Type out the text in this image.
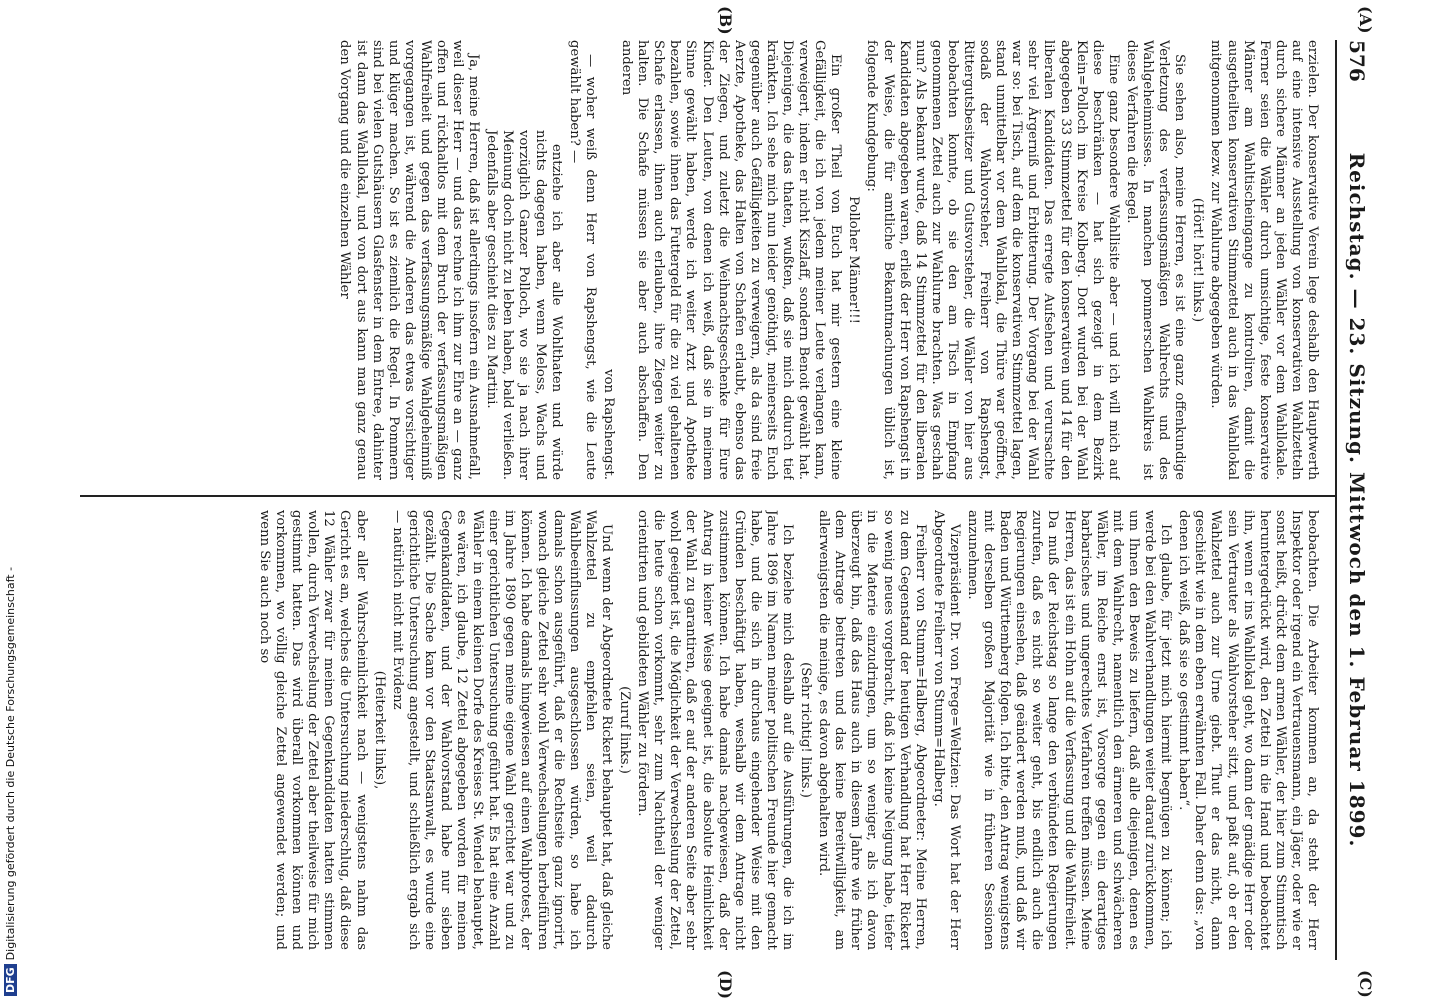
576
Reichstag. — 23. Sitzung. Mittwoch den 1. Februar 1899.
(A)
(B)
(C)
(D)

erzielen. Der konservative Verein lege deshalb den Hauptwerth auf eine intensive Ausstellung von konservativen Wahlzetteln durch sichere Männer an jeden Wähler vor dem Wahllokale. Ferner seien die Wähler durch umsichtige, feste konservative Männer am Wahltischeingange zu kontroliren, damit die ausgetheilten konservativen Stimmzettel auch in das Wahllokal mitgenommen bezw. zur Wahlurne abgegeben würden.

(Hört! hört! links.)

Sie sehen also, meine Herren, es ist eine ganz offenkundige Verletzung des verfassungsmäßigen Wahlrechts und des Wahlgeheimnisses. In manchen pommerschen Wahlkreis ist dieses Verfahren die Regel.

Eine ganz besondere Wahllisite aber — und ich will mich auf diese beschränken — hat sich gezeigt in dem Bezirk Klein=Polloch im Kreise Kolberg. Dort wurden bei der Wahl abgegeben 33 Stimmzettel für den konservativen und 14 für den liberalen Kandidaten. Das erregte Aufsehen und verursachte sehr viel Ärgerniß und Erbitterung. Der Vorgang bei der Wahl war so: bei Tisch, auf dem die konservativen Stimmzettel lagen, stand unmittelbar vor dem Wahllokal, die Thüre war geöffnet, sodaß der Wahlvorsteher, Freiherr von Rapshengst, Rittergutsbesitzer und Gutsvorsteher, die Wähler von hier aus beobachten konnte, ob sie den am Tisch in Empfang genommenen Zettel auch zur Wahlurne brachten. Was geschah nun? Als bekannt wurde, daß 14 Stimmzettel für den liberalen Kandidaten abgegeben waren, erließ der Herr von Rapshengst in der Weise, die für amtliche Bekanntmachungen üblich ist, folgende Kundgebung:

Polloher Männer!!!

Ein großer Theil von Euch hat mir gestern eine kleine Gefälligkeit, die ich von jedem meiner Leute verlangen kann, verweigert, indem er nicht Kiszlaff, sondern Benoit gewählt hat. Diejenigen, die das thaten, wußten, daß sie mich dadurch tief kränkten. Ich sehe mich nun leider genöthigt, meinerseits Euch gegenüber auch Gefälligkeiten zu verweigern, als da sind freie Aerzte, Apotheke, das Halten von Schafen erlaubt, ebenso das der Ziegen, und zuletzt die Weihnachtsgeschenke für Eure Kinder. Den Leuten, von denen ich weiß, daß sie in meinem Sinne gewählt haben, werde ich weiter Arzt und Apotheke bezahlen, sowie ihnen das Futtergeld für die zu viel gehaltenen Schafe erlassen, ihnen auch erlauben, ihre Ziegen weiter zu halten. Die Schafe müssen sie aber auch abschaffen. Den anderen

von Rapshengst.

— woher weiß denn Herr von Rapshengst, wie die Leute gewählt haben? —

entziehe ich aber alle Wohlthaten und würde nichts dagegen haben, wenn Meloss, Wachs und vorzüglich Ganzer Polloch, wo sie ja nach ihrer Meinung doch nicht zu leben haben, bald verließen. Jedenfalls aber geschieht dies zu Martini.

Ja, meine Herren, daß ist allerdings insofern ein Ausnahmefall, weil dieser Herr — und das rechne ich ihm zur Ehre an — ganz offen und rückhaltlos mit dem Bruch der verfassungsmäßigen Wahlfreiheit und gegen das verfassungsmäßige Wahlgeheimniß vorgegangen ist, während die Anderen das etwas vorsichtiger und klüger machen. So ist es ziemlich die Regel. In Pommern sind bei vielen Gutshäusern Glasfenster in dem Entree, dahinter ist dann das Wahllokal, und von dort aus kann man ganz genau den Vorgang und die einzelnen Wähler

beobachten. Die Arbeiter kommen an, da steht der Herr Inspektor oder irgend ein Vertrauensmann, ein Jäger, oder wie er sonst heißt, drückt dem armen Wähler, der hier zum Stimmtisch heruntergedrückt wird, den Zettel in die Hand und beobachtet ihn, wenn er ins Wahllokal geht, wo dann der gnädige Herr oder sein Vertrauter als Wahlvorsteher sitzt, und paßt auf, ob er den Wahlzettel auch zur Urne giebt. Thut er das nicht, dann geschieht wie in dem eben erwähnten Fall. Daher denn das: „von denen ich weiß, daß sie so gestimmt haben“.

Ich glaube, für jetzt mich hiermit begnügen zu können; ich werde bei den Wahlverhandlungen weiter darauf zurückkommen, um Ihnen den Beweis zu liefern, daß alle diejenigen, denen es mit dem Wahlrecht, namentlich den ärmeren und schwächeren Wähler, im Reiche ernst ist, Vorsorge gegen ein derartiges barbarisches und ungerechtes Verfahren treffen müssen. Meine Herren, das ist ein Hohn auf die Verfassung und die Wahlfreiheit. Da muß der Reichstag so lange den verbündeten Regierungen zurufen, daß es nicht so weiter geht, bis endlich auch die Regierungen einsehen, daß geändert werden muß, und daß wir Baden und Württemberg folgen. Ich bitte, den Antrag wenigstens mit derselben großen Majorität wie in früheren Sessionen anzunehmen.

Vizepräsident Dr. von Frege=Weltzien: Das Wort hat der Herr Abgeordnete Freiherr von Stumm=Halberg.

Freiherr von Stumm=Halberg, Abgeordneter: Meine Herren, zu dem Gegenstand der heutigen Verhandlung hat Herr Rickert so wenig neues vorgebracht, daß ich keine Neigung habe, tiefer in die Materie einzudringen, um so weniger, als ich davon überzeugt bin, daß das Haus auch in diesem Jahre wie früher dem Antrage beitreten und das keine Bereitwilligkeit, am allerwenigsten die meinige, es davon abgehalten wird.

(Sehr richtig! links.)

Ich beziehe mich deshalb auf die Ausführungen, die ich im Jahre 1896 im Namen meiner politischen Freunde hier gemacht habe, und die sich in durchaus eingehender Weise mit den Gründen beschäftigt haben, weshalb wir dem Antrage nicht zustimmen können. Ich habe damals nachgewiesen, daß der Antrag in keiner Weise geeignet ist, die absolute Heimlichkeit der Wahl zu garantiren, daß er auf der anderen Seite aber sehr wohl geeignet ist, die Möglichkeit der Verwechselung der Zettel, die heute schon vorkommt, sehr zum Nachtheil der weniger orientirten und gebildeten Wähler zu fördern.

(Zuruf links.)

Und wenn der Abgeordnete Rickert behauptet hat, daß gleiche Wahlzettel zu empfehlen seien, weil dadurch Wahlbeeinflussungen ausgeschlossen würden, so habe ich damals schon ausgeführt, daß er die Rechtseite ganz ignorirt, wonach gleiche Zettel sehr wohl Verwechselungen herbeiführen können. Ich habe damals hingewiesen auf einen Wahlprotest, der im Jahre 1890 gegen meine eigene Wahl gerichtet war und zu einer gerichtlichen Untersuchung geführt hat. Es hat eine Anzahl Wähler in einem kleinen Dorfe des Kreises St. Wendel behauptet, es wären, ich glaube, 12 Zettel abgegeben worden für meinen Gegenkandidaten, und der Wahlvorstand habe nur sieben gezählt. Die Sache kam vor den Staatsanwalt, es wurde eine gerichtliche Untersuchung angestellt, und schließlich ergab sich — natürlich nicht mit Evidenz

(Heiterkeit links),

aber aller Wahrscheinlichkeit nach — wenigstens nahm das Gericht es an, welches die Untersuchung niederschlug, daß diese 12 Wähler zwar für meinen Gegenkandidaten hatten stimmen wollen, durch Verwechselung der Zettel aber theilweise für mich gestimmt hatten. Das wird überall vorkommen können und vorkommen, wo völlig gleiche Zettel angewendet werden; und wenn Sie auch noch so

DFGDigitalisierung gefördert durch die Deutsche Forschungsgemeinschaft -
